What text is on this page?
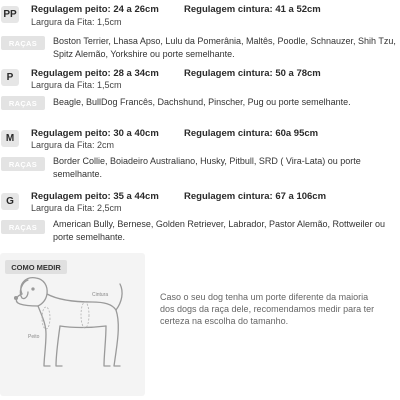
PP Regulagem peito: 24 a 26cm	Regulagem cintura: 41 a 52cm
Largura da Fita: 1,5cm
RAÇAS	Boston Terrier, Lhasa Apso, Lulu da Pomerânia, Maltês, Poodle, Schnauzer, Shih Tzu, Spitz Alemão, Yorkshire ou porte semelhante.
P	Regulagem peito: 28 a 34cm	Regulagem cintura: 50 a 78cm
Largura da Fita: 1,5cm
RAÇAS	Beagle, BullDog Francês, Dachshund, Pinscher, Pug ou porte semelhante.
M	Regulagem peito: 30 a 40cm	Regulagem cintura: 60a 95cm
Largura da Fita: 2cm
RAÇAS	Border Collie, Boiadeiro Australiano, Husky, Pitbull, SRD ( Vira-Lata) ou porte semelhante.
G	Regulagem peito: 35 a 44cm	Regulagem cintura: 67 a 106cm
Largura da Fita: 2,5cm
RAÇAS	American Bully, Bernese, Golden Retriever, Labrador, Pastor Alemão, Rottweiler ou porte semelhante.
COMO MEDIR
Cintura
Peito
Caso o seu dog tenha um porte diferente da maioria dos dogs da raça dele, recomendamos medir para ter certeza na escolha do tamanho.
